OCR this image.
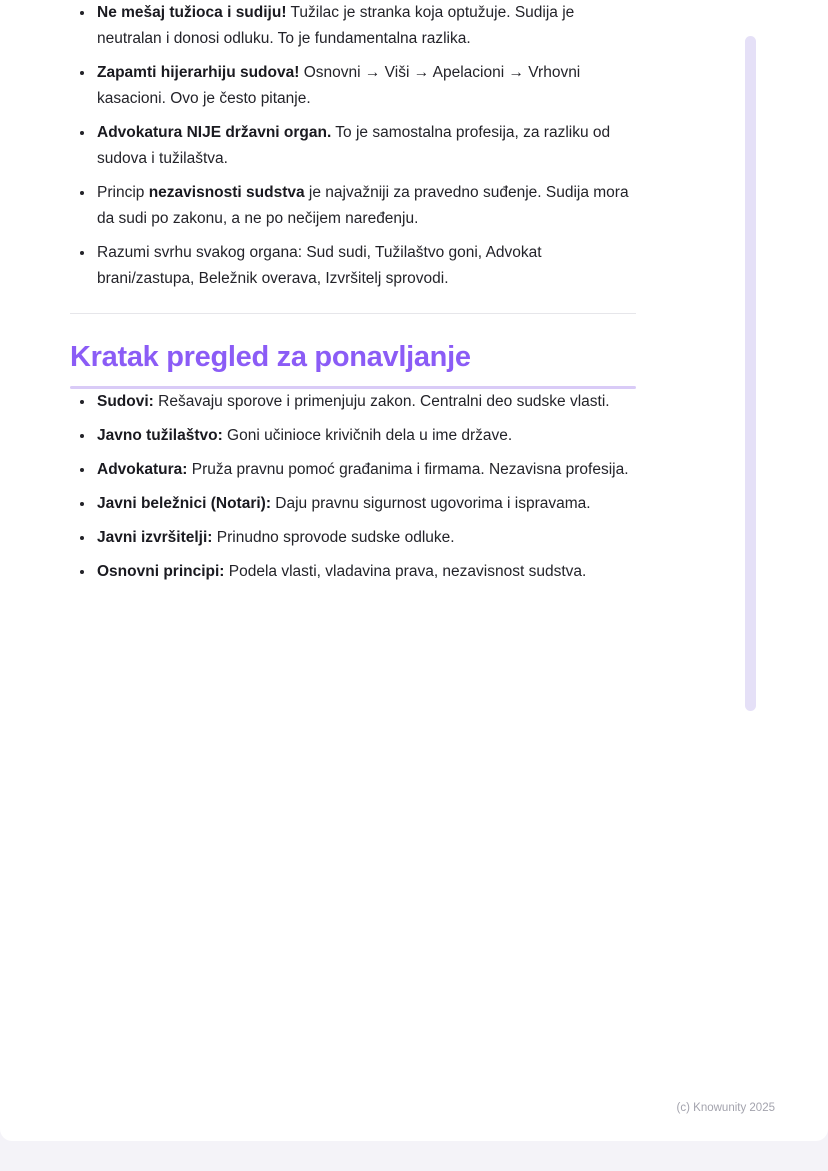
• Ne mešaj tužioca i sudiju! Tužilac je stranka koja optužuje. Sudija je neutralan i donosi odluku. To je fundamentalna razlika.
• Zapamti hijerarhiju sudova! Osnovni → Viši → Apelacioni → Vrhovni kasacioni. Ovo je često pitanje.
• Advokatura NIJE državni organ. To je samostalna profesija, za razliku od sudova i tužilaštva.
• Princip nezavisnosti sudstva je najvažniji za pravedno suđenje. Sudija mora da sudi po zakonu, a ne po nečijem naređenju.
• Razumi svrhu svakog organa: Sud sudi, Tužilaštvo goni, Advokat brani/zastupa, Beležnik overava, Izvršitelj sprovodi.
Kratak pregled za ponavljanje
• Sudovi: Rešavaju sporove i primenjuju zakon. Centralni deo sudske vlasti.
• Javno tužilaštvo: Goni učinioce krivičnih dela u ime države.
• Advokatura: Pruža pravnu pomoć građanima i firmama. Nezavisna profesija.
• Javni beležnici (Notari): Daju pravnu sigurnost ugovorima i ispravama.
• Javni izvršitelji: Prinudno sprovode sudske odluke.
• Osnovni principi: Podela vlasti, vladavina prava, nezavisnost sudstva.
(c) Knowunity 2025
